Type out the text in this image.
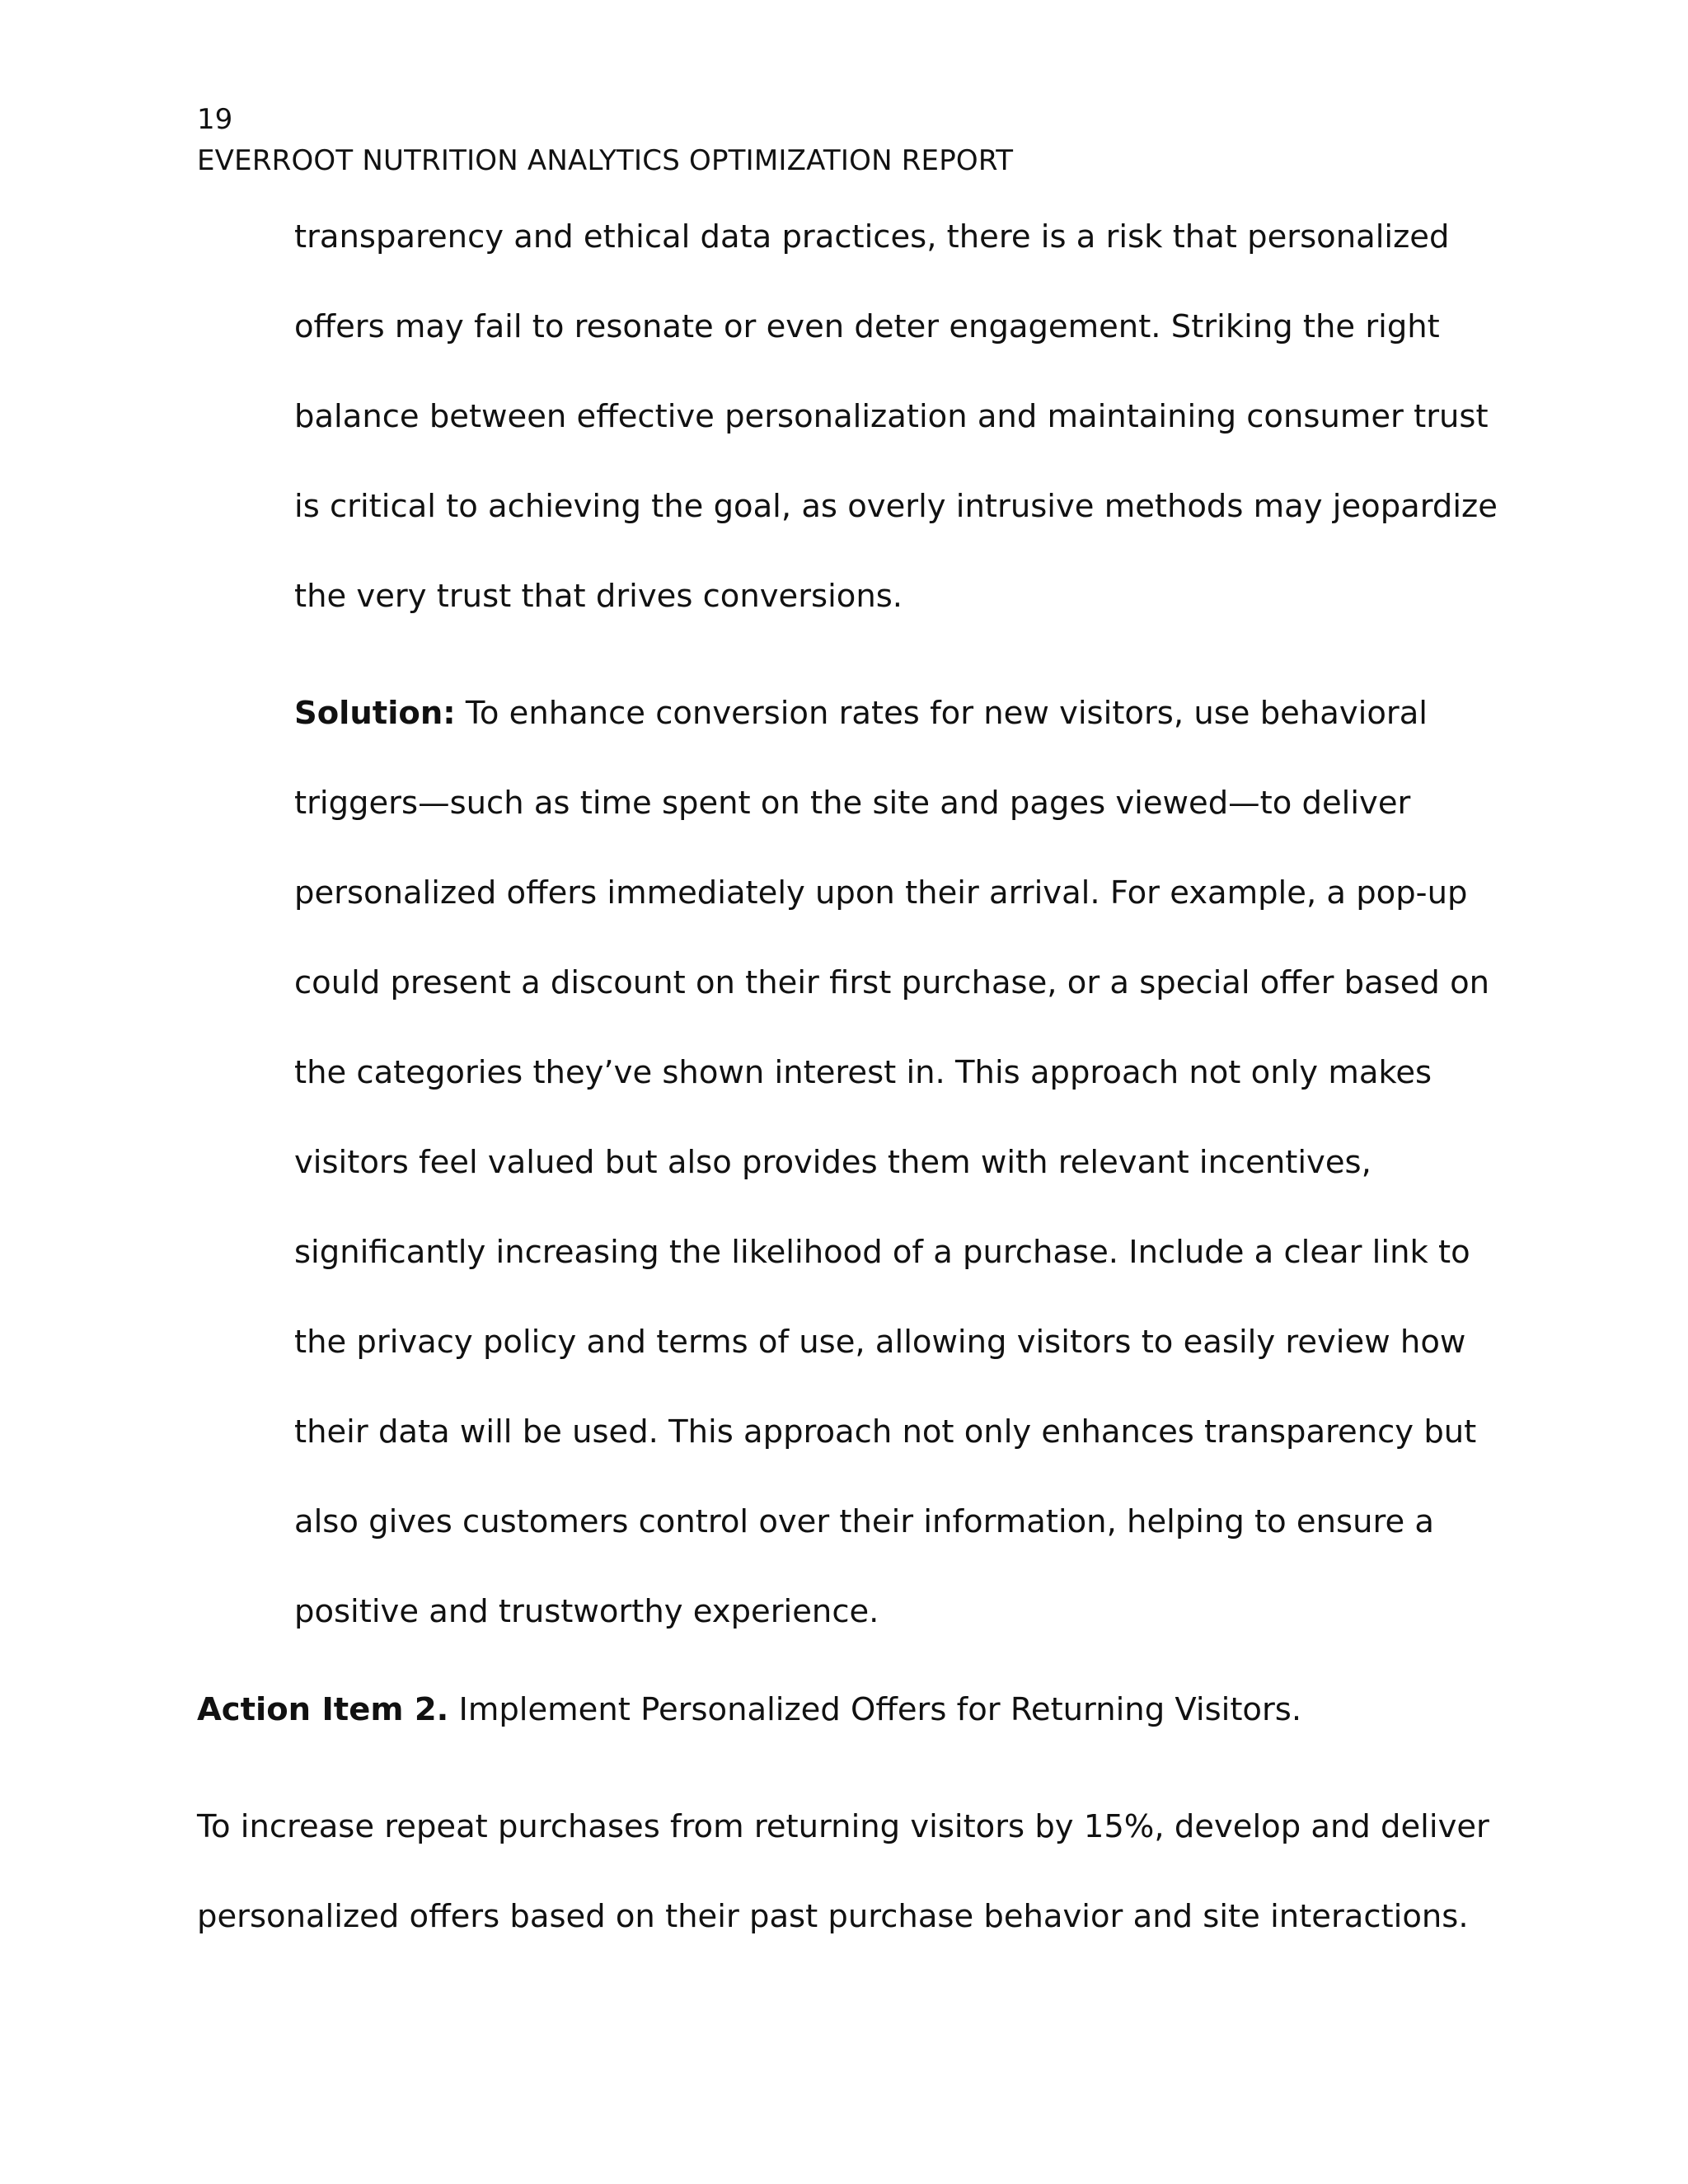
19
EVERROOT NUTRITION ANALYTICS OPTIMIZATION REPORT
transparency and ethical data practices, there is a risk that personalized
offers may fail to resonate or even deter engagement. Striking the right
balance between effective personalization and maintaining consumer trust
is critical to achieving the goal, as overly intrusive methods may jeopardize
the very trust that drives conversions.
Solution: To enhance conversion rates for new visitors, use behavioral
triggers—such as time spent on the site and pages viewed—to deliver
personalized offers immediately upon their arrival. For example, a pop-up
could present a discount on their first purchase, or a special offer based on
the categories they’ve shown interest in. This approach not only makes
visitors feel valued but also provides them with relevant incentives,
significantly increasing the likelihood of a purchase. Include a clear link to
the privacy policy and terms of use, allowing visitors to easily review how
their data will be used. This approach not only enhances transparency but
also gives customers control over their information, helping to ensure a
positive and trustworthy experience.
Action Item 2. Implement Personalized Offers for Returning Visitors.
To increase repeat purchases from returning visitors by 15%, develop and deliver
personalized offers based on their past purchase behavior and site interactions.
